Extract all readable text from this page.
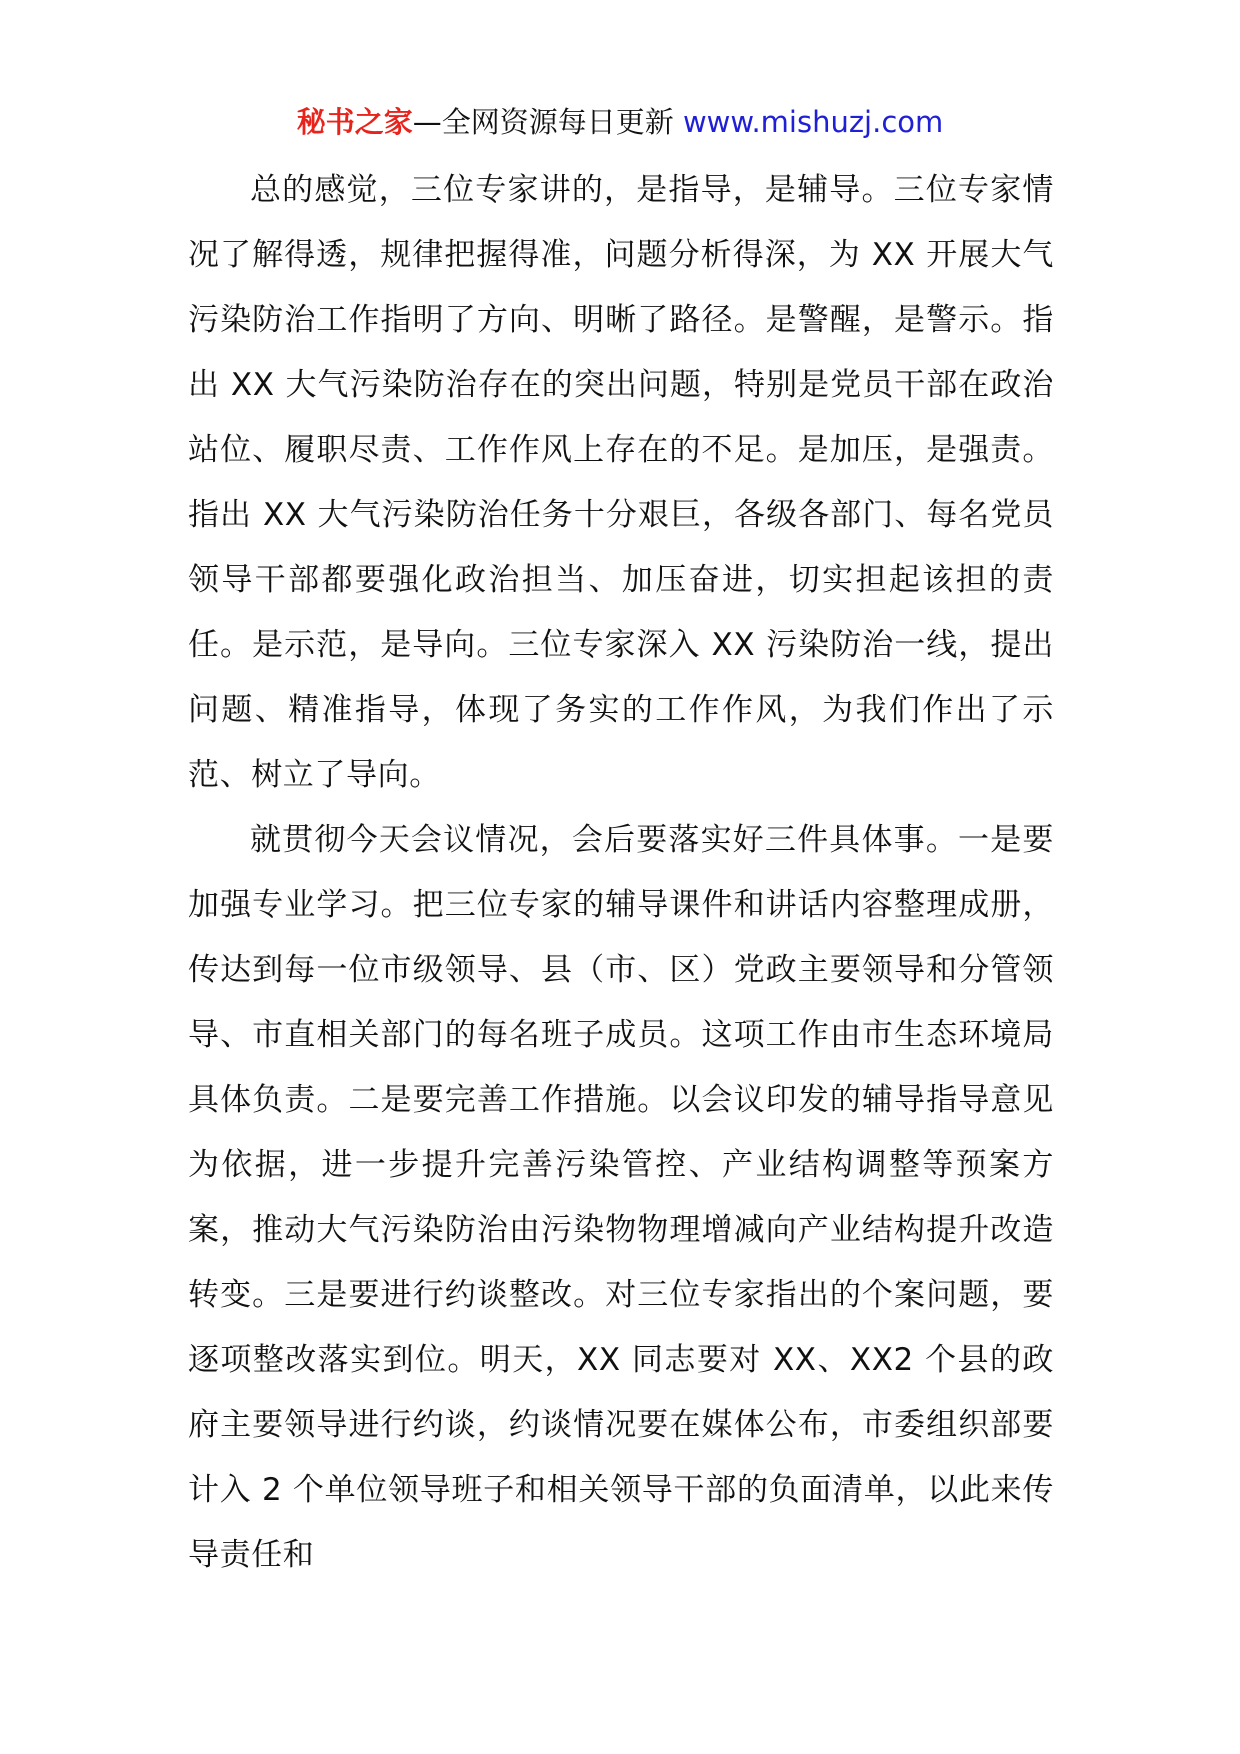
秘书之家—全网资源每日更新 www.mishuzj.com

总的感觉，三位专家讲的，是指导，是辅导。三位专家情况了解得透，规律把握得准，问题分析得深，为 XX 开展大气污染防治工作指明了方向、明晰了路径。是警醒，是警示。指出 XX 大气污染防治存在的突出问题，特别是党员干部在政治站位、履职尽责、工作作风上存在的不足。是加压，是强责。指出 XX 大气污染防治任务十分艰巨，各级各部门、每名党员领导干部都要强化政治担当、加压奋进，切实担起该担的责任。是示范，是导向。三位专家深入 XX 污染防治一线，提出问题、精准指导，体现了务实的工作作风，为我们作出了示范、树立了导向。

就贯彻今天会议情况，会后要落实好三件具体事。一是要加强专业学习。把三位专家的辅导课件和讲话内容整理成册，传达到每一位市级领导、县（市、区）党政主要领导和分管领导、市直相关部门的每名班子成员。这项工作由市生态环境局具体负责。二是要完善工作措施。以会议印发的辅导指导意见为依据，进一步提升完善污染管控、产业结构调整等预案方案，推动大气污染防治由污染物物理增减向产业结构提升改造转变。三是要进行约谈整改。对三位专家指出的个案问题，要逐项整改落实到位。明天，XX 同志要对 XX、XX2 个县的政府主要领导进行约谈，约谈情况要在媒体公布，市委组织部要计入 2 个单位领导班子和相关领导干部的负面清单，以此来传导责任和
